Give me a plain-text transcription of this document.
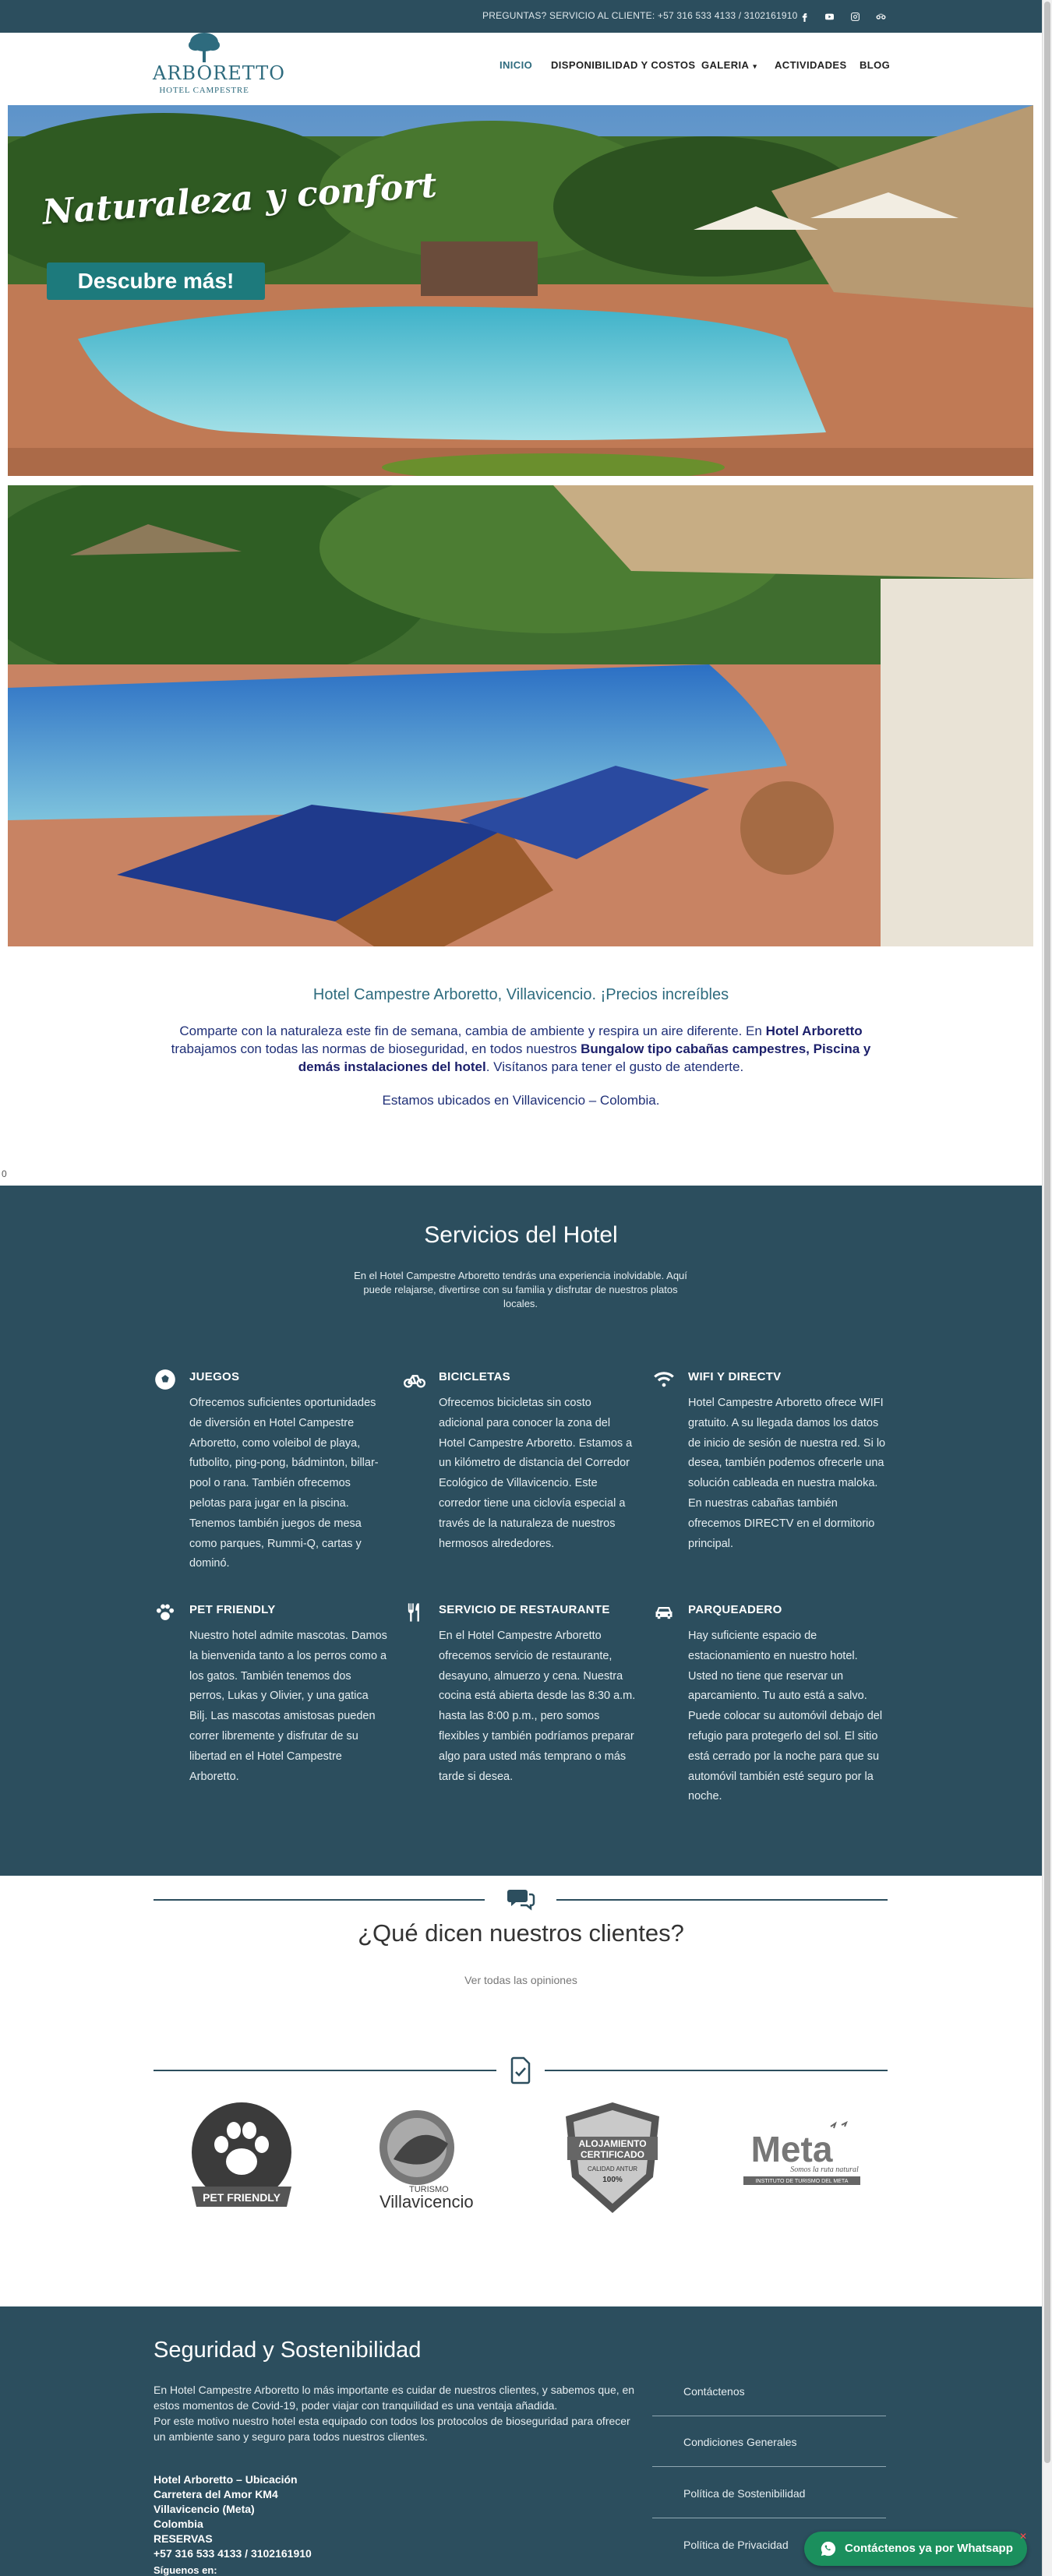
PREGUNTAS? SERVICIO AL CLIENTE: +57 316 533 4133 / 3102161910
ARBORETTO
HOTEL CAMPESTRE
INICIO DISPONIBILIDAD Y COSTOS GALERIA ▾ ACTIVIDADES BLOG
Naturaleza y confort
Descubre más!
Hotel Campestre Arboretto, Villavicencio. ¡Precios increíbles
Comparte con la naturaleza este fin de semana, cambia de ambiente y respira un aire diferente. En Hotel Arboretto trabajamos con todas las normas de bioseguridad, en todos nuestros Bungalow tipo cabañas campestres, Piscina y demás instalaciones del hotel. Visítanos para tener el gusto de atenderte.
Estamos ubicados en Villavicencio – Colombia.
0
Servicios del Hotel
En el Hotel Campestre Arboretto tendrás una experiencia inolvidable. Aquí puede relajarse, divertirse con su familia y disfrutar de nuestros platos locales.
JUEGOS

Ofrecemos suficientes oportunidades de diversión en Hotel Campestre Arboretto, como voleibol de playa, futbolito, ping-pong, bádminton, billar-pool o rana. También ofrecemos pelotas para jugar en la piscina. Tenemos también juegos de mesa como parques, Rummi-Q, cartas y dominó.

BICICLETAS

Ofrecemos bicicletas sin costo adicional para conocer la zona del Hotel Campestre Arboretto. Estamos a un kilómetro de distancia del Corredor Ecológico de Villavicencio. Este corredor tiene una ciclovía especial a través de la naturaleza de nuestros hermosos alrededores.

WIFI Y DIRECTV

Hotel Campestre Arboretto ofrece WIFI gratuito. A su llegada damos los datos de inicio de sesión de nuestra red. Si lo desea, también podemos ofrecerle una solución cableada en nuestra maloka. En nuestras cabañas también ofrecemos DIRECTV en el dormitorio principal.

PET FRIENDLY

Nuestro hotel admite mascotas. Damos la bienvenida tanto a los perros como a los gatos. También tenemos dos perros, Lukas y Olivier, y una gatica Bilj. Las mascotas amistosas pueden correr libremente y disfrutar de su libertad en el Hotel Campestre Arboretto.

SERVICIO DE RESTAURANTE

En el Hotel Campestre Arboretto ofrecemos servicio de restaurante, desayuno, almuerzo y cena. Nuestra cocina está abierta desde las 8:30 a.m. hasta las 8:00 p.m., pero somos flexibles y también podríamos preparar algo para usted más temprano o más tarde si desea.

PARQUEADERO

Hay suficiente espacio de estacionamiento en nuestro hotel. Usted no tiene que reservar un aparcamiento. Tu auto está a salvo. Puede colocar su automóvil debajo del refugio para protegerlo del sol. El sitio está cerrado por la noche para que su automóvil también esté seguro por la noche.

¿Qué dicen nuestros clientes?
Ver todas las opiniones
PET FRIENDLY
TURISMO
Villavicencio
ALOJAMIENTO
CERTIFICADO
CALIDAD ANTUR
100%
Meta
Somos la ruta natural
INSTITUTO DE TURISMO DEL META
Seguridad y Sostenibilidad
En Hotel Campestre Arboretto lo más importante es cuidar de nuestros clientes, y sabemos que, en estos momentos de Covid-19, poder viajar con tranquilidad es una ventaja añadida.
Por este motivo nuestro hotel esta equipado con todos los protocolos de bioseguridad para ofrecer un ambiente sano y seguro para todos nuestros clientes.
Hotel Arboretto – Ubicación
Carretera del Amor KM4
Villavicencio (Meta)
Colombia
RESERVAS
+57 316 533 4133 / 3102161910
Síguenos en:
Contáctenos
Condiciones Generales
Política de Sostenibilidad
Política de Privacidad	Contáctenos ya por Whatsapp
✕
